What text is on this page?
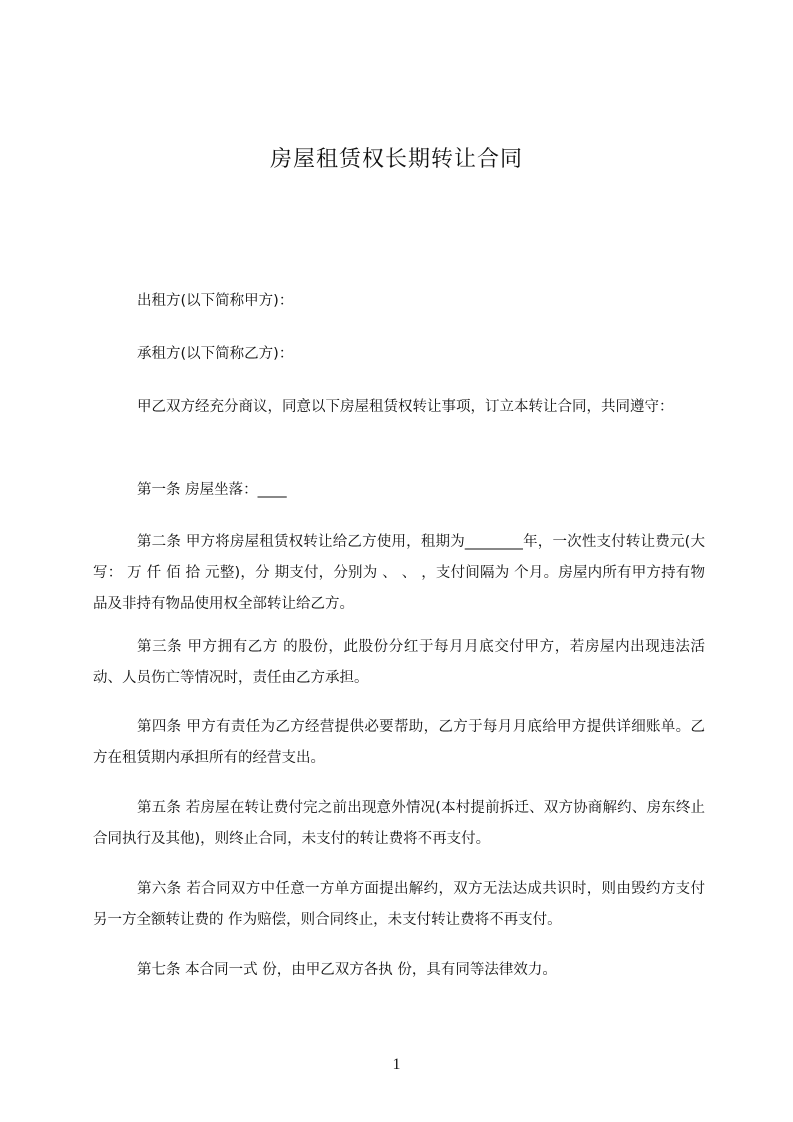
房屋租赁权长期转让合同

出租方(以下简称甲方)：

承租方(以下简称乙方)：

甲乙双方经充分商议，同意以下房屋租赁权转让事项，订立本转让合同，共同遵守：

第一条 房屋坐落：____

第二条 甲方将房屋租赁权转让给乙方使用，租期为________年，一次性支付转让费元(大写： 万 仟 佰 拾 元整)，分 期支付，分别为 、 、 ，支付间隔为 个月。房屋内所有甲方持有物品及非持有物品使用权全部转让给乙方。

第三条 甲方拥有乙方 的股份，此股份分红于每月月底交付甲方，若房屋内出现违法活动、人员伤亡等情况时，责任由乙方承担。

第四条 甲方有责任为乙方经营提供必要帮助，乙方于每月月底给甲方提供详细账单。乙方在租赁期内承担所有的经营支出。

第五条 若房屋在转让费付完之前出现意外情况(本村提前拆迁、双方协商解约、房东终止合同执行及其他)，则终止合同，未支付的转让费将不再支付。

第六条 若合同双方中任意一方单方面提出解约，双方无法达成共识时，则由毁约方支付另一方全额转让费的 作为赔偿，则合同终止，未支付转让费将不再支付。

第七条 本合同一式 份，由甲乙双方各执 份，具有同等法律效力。

1
